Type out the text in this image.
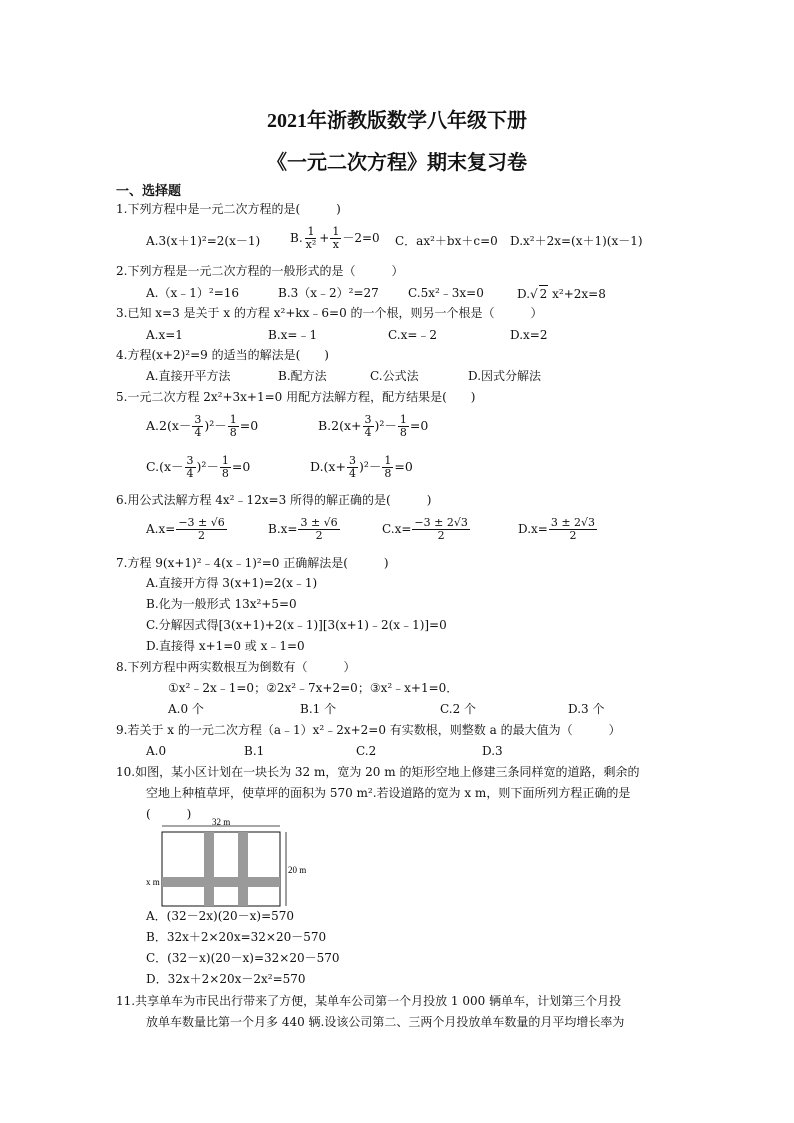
2021年浙教版数学八年级下册
《一元二次方程》期末复习卷
一、选择题
1.下列方程中是一元二次方程的是(　　　)
A.3(x＋1)²=2(x－1) B. $\frac{1}{\text{x²}} + \frac{1}{x} -2=0$ C．ax²＋bx＋c=0 D.x²＋2x=(x＋1)(x－1)
2.下列方程是一元二次方程的一般形式的是（　　　）
A.（x﹣1）²=16	B.3（x﹣2）²=27 C.5x²﹣3x=0	D.√ 2 x²+2x=8
3.已知 x=3 是关于 x 的方程 x²+kx﹣6=0 的一个根，则另一个根是（　　　）
A.x=1	B.x=﹣1	C.x=﹣2	D.x=2
4.方程(x+2)²=9 的适当的解法是(　　)
A.直接开平方法	B.配方法	C.公式法	D.因式分解法
5.一元二次方程 2x²+3x+1=0 用配方法解方程，配方结果是(　　)
$A.2(x- \frac{3}{4} )^2- \frac{1}{8} =0$	$B.2(x+ \frac{3}{4} )^2- \frac{1}{8} =0$
$C.(x- \frac{3}{4} )^2- \frac{1}{8} =0$	$D.(x+ \frac{3}{4} )^2- \frac{1}{8} =0$
6.用公式法解方程 4x²﹣12x=3 所得的解正确的是(　　　)
$A.x= \frac{-3 \pm √6}{2}$	$B.x= \frac{3 \pm √6}{2}$	$C.x= \frac{-3 \pm 2√3}{2}$	$D.x= \frac{3 \pm 2√3}{2}$
7.方程 9(x+1)²﹣4(x﹣1)²=0 正确解法是(　　　)
A.直接开方得 3(x+1)=2(x﹣1)
B.化为一般形式 13x²+5=0
C.分解因式得[3(x+1)+2(x﹣1)][3(x+1)﹣2(x﹣1)]=0
D.直接得 x+1=0 或 x﹣1=0
8.下列方程中两实数根互为倒数有（　　　）
①x²﹣2x﹣1=0；②2x²﹣7x+2=0；③x²﹣x+1=0．
A.0 个	B.1 个	C.2 个	D.3 个
9.若关于 x 的一元二次方程（a﹣1）x²﹣2x+2=0 有实数根，则整数 a 的最大值为（　　　）
A.0	B.1	C.2	D.3
10.如图，某小区计划在一块长为 32 m，宽为 20 m 的矩形空地上修建三条同样宽的道路，剩余的
空地上种植草坪，使草坪的面积为 570 m².若设道路的宽为 x m，则下面所列方程正确的是
(　　　)
32 m
20 m
x m
A．(32－2x)(20－x)=570
B．32x＋2×20x=32×20－570
C．(32－x)(20－x)=32×20－570
D．32x＋2×20x－2x²=570
11.共享单车为市民出行带来了方便，某单车公司第一个月投放 1 000 辆单车，计划第三个月投
放单车数量比第一个月多 440 辆.设该公司第二、三两个月投放单车数量的月平均增长率为
